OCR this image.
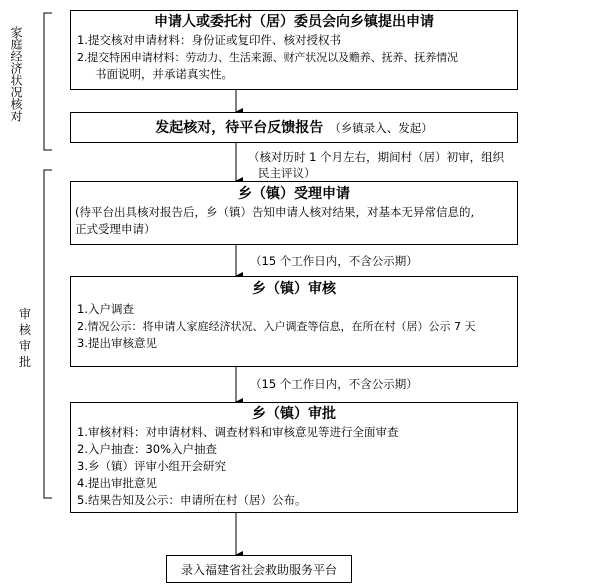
家庭经济状况核对
审
核
审
批
申请人或委托村（居）委员会向乡镇提出申请
1.提交核对申请材料：身份证或复印件、核对授权书
2.提交特困申请材料：劳动力、生活来源、财产状况以及赡养、抚养、抚养情况
书面说明，并承诺真实性。
发起核对，待平台反馈报告 （乡镇录入、发起）
（核对历时 1 个月左右，期间村（居）初审，组织
民主评议）
乡（镇）受理申请
(待平台出具核对报告后，乡（镇）告知申请人核对结果，对基本无异常信息的,
正式受理申请）
（15 个工作日内，不含公示期）
乡（镇）审核
1.入户调查
2.情况公示：将申请人家庭经济状况、入户调查等信息，在所在村（居）公示 7 天
3.提出审核意见
（15 个工作日内，不含公示期）
乡（镇）审批
1.审核材料：对申请材料、调查材料和审核意见等进行全面审查
2.入户抽查：30%入户抽查
3.乡（镇）评审小组开会研究
4.提出审批意见
5.结果告知及公示：申请所在村（居）公布。
录入福建省社会救助服务平台
